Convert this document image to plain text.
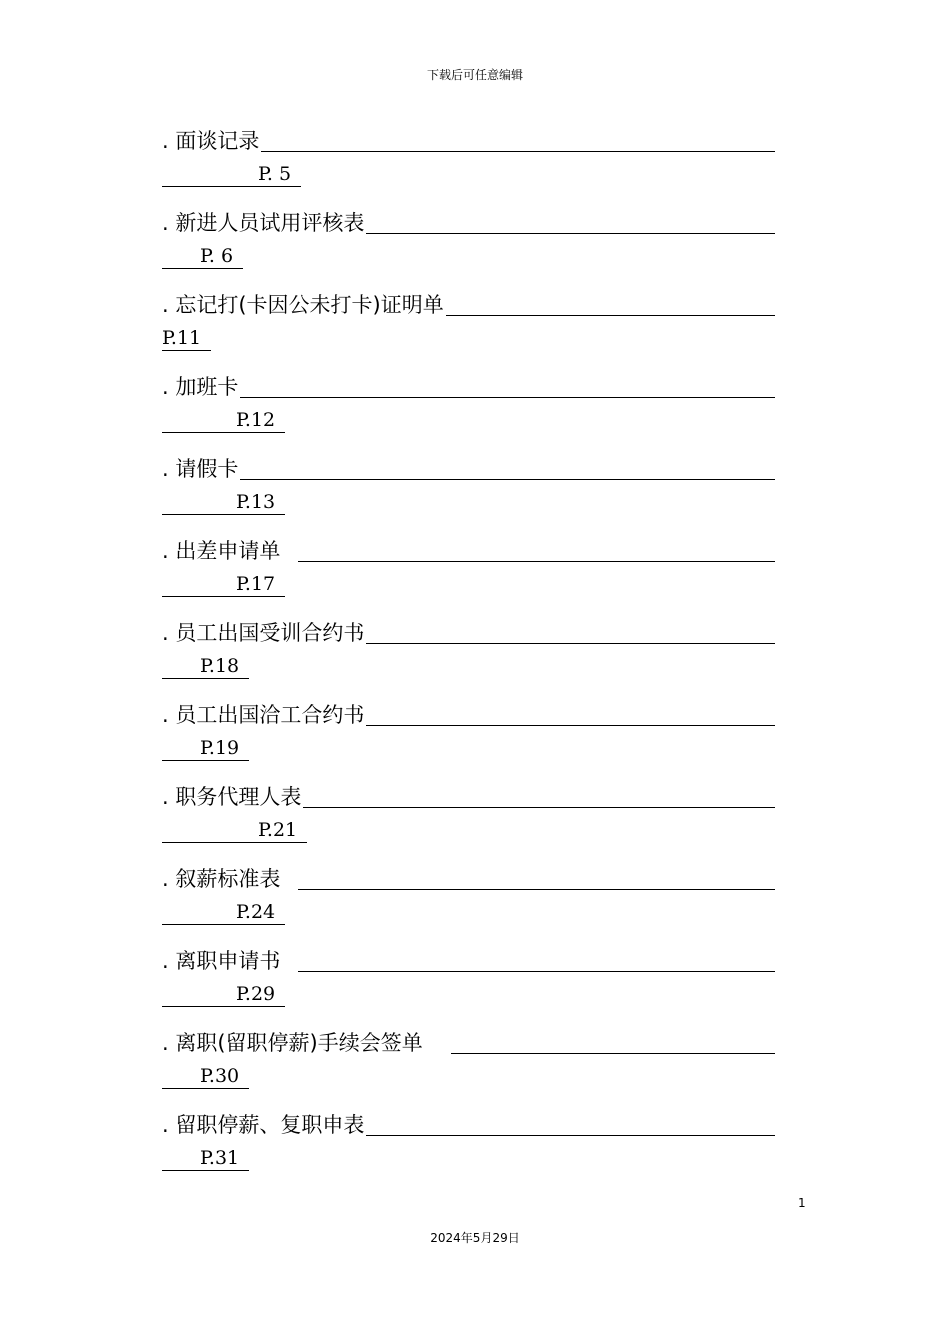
下载后可任意编辑
. 面谈记录
P. 5
. 新进人员试用评核表
P. 6
. 忘记打(卡因公未打卡)证明单
P.11
. 加班卡
P.12
. 请假卡
P.13
. 出差申请单
P.17
. 员工出国受训合约书
P.18
. 员工出国洽工合约书
P.19
. 职务代理人表
P.21
. 叙薪标准表
P.24
. 离职申请书
P.29
. 离职(留职停薪)手续会签单
P.30
. 留职停薪、复职申表
P.31
1
2024年5月29日
